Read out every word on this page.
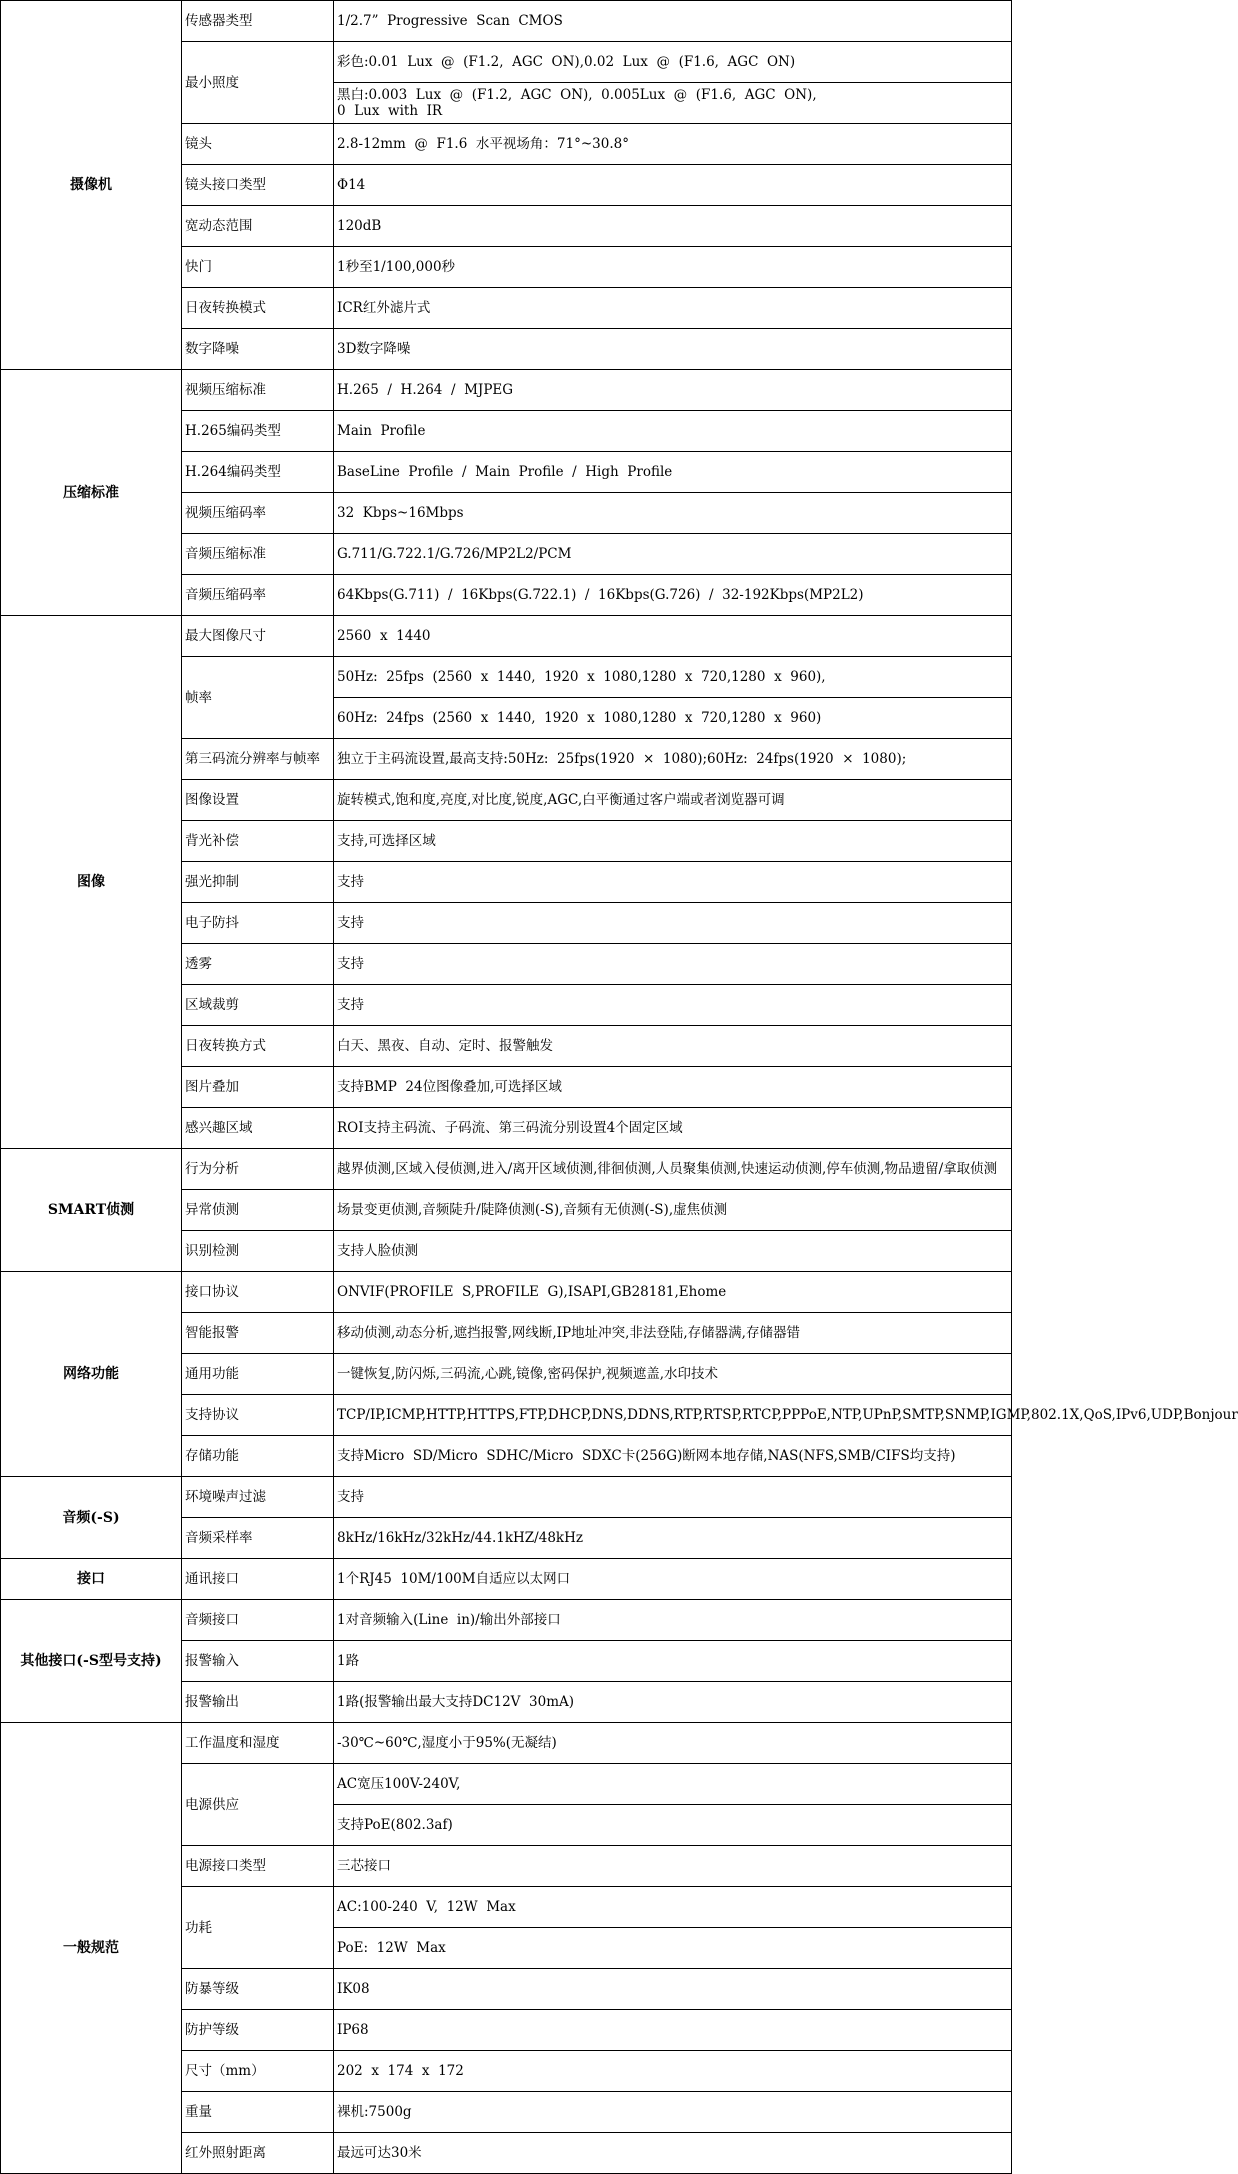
摄像机	传感器类型	1/2.7”  Progressive  Scan  CMOS
	最小照度	彩色:0.01  Lux  @  (F1.2,  AGC  ON),0.02  Lux  @  (F1.6,  AGC  ON)
		黑白:0.003  Lux  @  (F1.2,  AGC  ON),  0.005Lux  @  (F1.6,  AGC  ON),
0  Lux  with  IR
	镜头	2.8-12mm  @  F1.6  水平视场角：71°~30.8°
	镜头接口类型	Φ14
	宽动态范围	120dB
	快门	1秒至1/100,000秒
	日夜转换模式	ICR红外滤片式
	数字降噪	3D数字降噪
压缩标准	视频压缩标准	H.265  /  H.264  /  MJPEG
	H.265编码类型	Main  Profile
	H.264编码类型	BaseLine  Profile  /  Main  Profile  /  High  Profile
	视频压缩码率	32  Kbps~16Mbps
	音频压缩标准	G.711/G.722.1/G.726/MP2L2/PCM
	音频压缩码率	64Kbps(G.711)  /  16Kbps(G.722.1)  /  16Kbps(G.726)  /  32-192Kbps(MP2L2)
图像	最大图像尺寸	2560  x  1440
	帧率	50Hz:  25fps  (2560  x  1440,  1920  x  1080,1280  x  720,1280  x  960),
		60Hz:  24fps  (2560  x  1440,  1920  x  1080,1280  x  720,1280  x  960)
	第三码流分辨率与帧率	独立于主码流设置,最高支持:50Hz:  25fps(1920  ×  1080);60Hz:  24fps(1920  ×  1080);
	图像设置	旋转模式,饱和度,亮度,对比度,锐度,AGC,白平衡通过客户端或者浏览器可调
	背光补偿	支持,可选择区域
	强光抑制	支持
	电子防抖	支持
	透雾	支持
	区域裁剪	支持
	日夜转换方式	白天、黑夜、自动、定时、报警触发
	图片叠加	支持BMP  24位图像叠加,可选择区域
	感兴趣区域	ROI支持主码流、子码流、第三码流分别设置4个固定区域
SMART侦测	行为分析	越界侦测,区域入侵侦测,进入/离开区域侦测,徘徊侦测,人员聚集侦测,快速运动侦测,停车侦测,物品遗留/拿取侦测
	异常侦测	场景变更侦测,音频陡升/陡降侦测(-S),音频有无侦测(-S),虚焦侦测
	识别检测	支持人脸侦测
网络功能	接口协议	ONVIF(PROFILE  S,PROFILE  G),ISAPI,GB28181,Ehome
	智能报警	移动侦测,动态分析,遮挡报警,网线断,IP地址冲突,非法登陆,存储器满,存储器错
	通用功能	一键恢复,防闪烁,三码流,心跳,镜像,密码保护,视频遮盖,水印技术
	支持协议	TCP/IP,ICMP,HTTP,HTTPS,FTP,DHCP,DNS,DDNS,RTP,RTSP,RTCP,PPPoE,NTP,UPnP,SMTP,SNMP,IGMP,802.1X,QoS,IPv6,UDP,Bonjour
	存储功能	支持Micro  SD/Micro  SDHC/Micro  SDXC卡(256G)断网本地存储,NAS(NFS,SMB/CIFS均支持)
音频(-S)	环境噪声过滤	支持
	音频采样率	8kHz/16kHz/32kHz/44.1kHZ/48kHz
接口	通讯接口	1个RJ45  10M/100M自适应以太网口
其他接口(-S型号支持)	音频接口	1对音频输入(Line  in)/输出外部接口
	报警输入	1路
	报警输出	1路(报警输出最大支持DC12V  30mA)
一般规范	工作温度和湿度	-30℃~60℃,湿度小于95%(无凝结)
	电源供应	AC宽压100V-240V,
		支持PoE(802.3af)
	电源接口类型	三芯接口
	功耗	AC:100-240  V,  12W  Max
		PoE:  12W  Max
	防暴等级	IK08
	防护等级	IP68
	尺寸（mm）	202  x  174  x  172
	重量	裸机:7500g
	红外照射距离	最远可达30米
